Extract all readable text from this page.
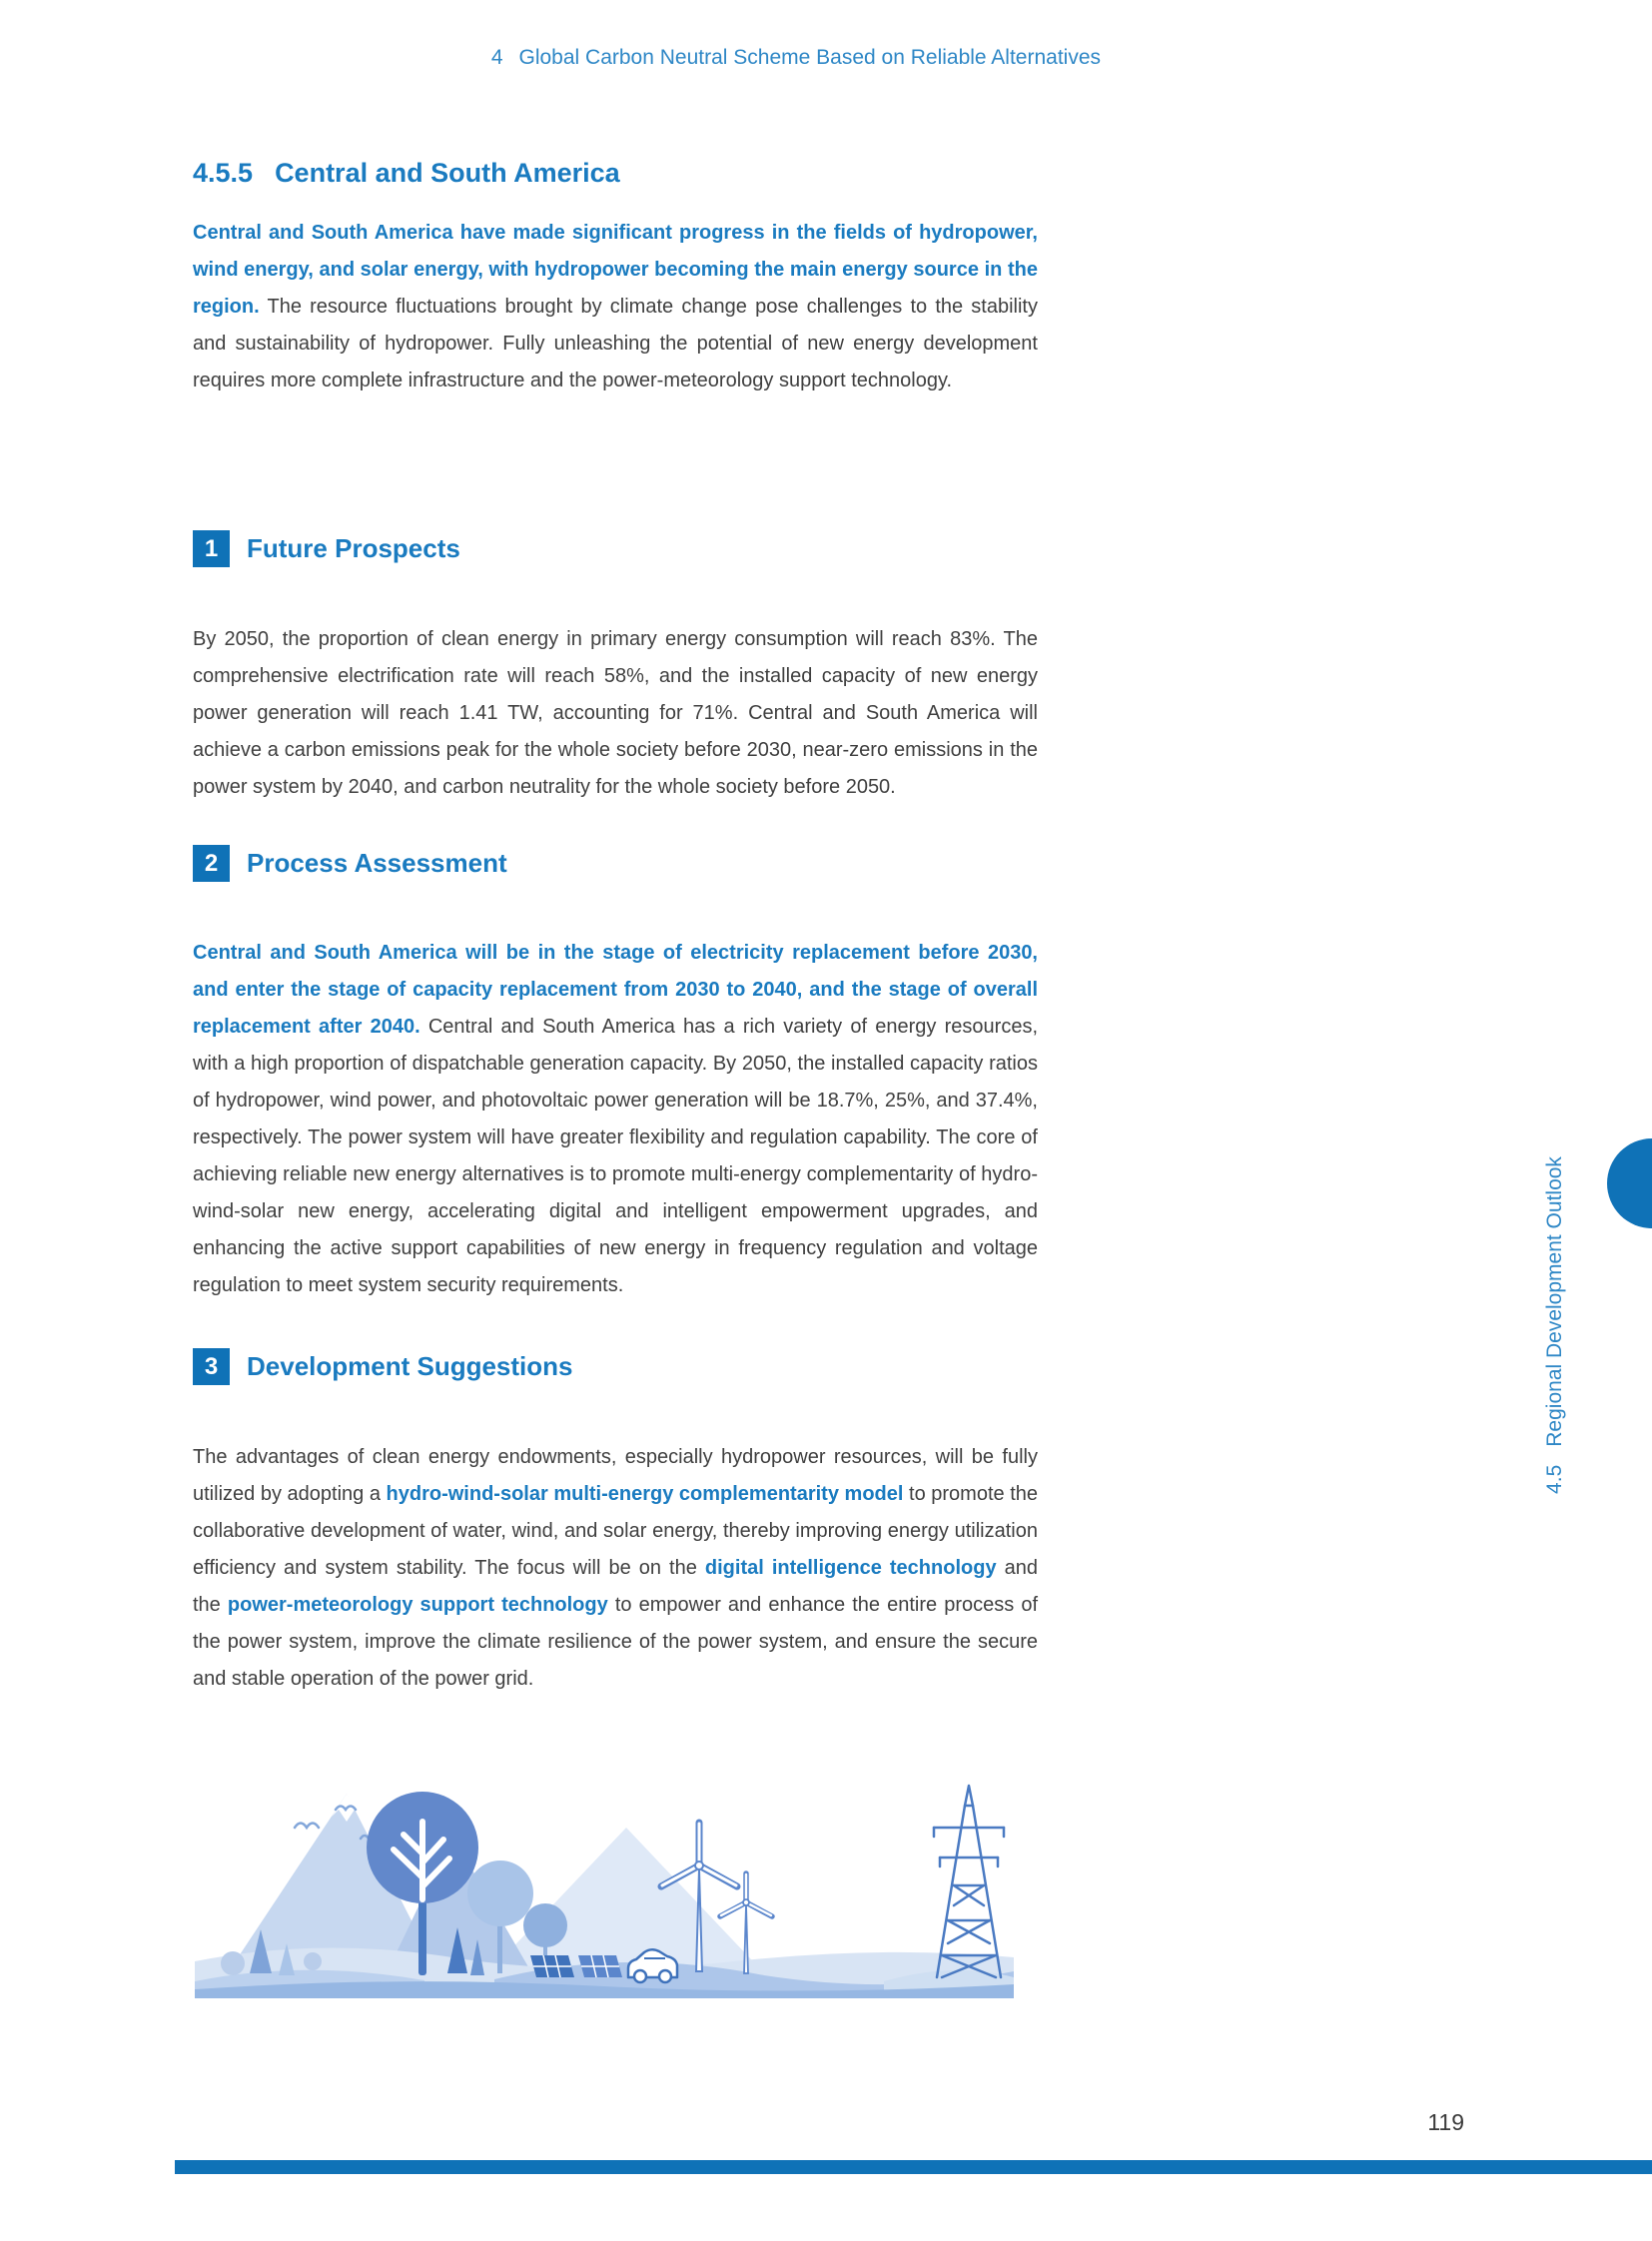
4 Global Carbon Neutral Scheme Based on Reliable Alternatives
4.5.5 Central and South America

Central and South America have made significant progress in the fields of hydropower, wind energy, and solar energy, with hydropower becoming the main energy source in the region. The resource fluctuations brought by climate change pose challenges to the stability and sustainability of hydropower. Fully unleashing the potential of new energy development requires more complete infrastructure and the power-meteorology support technology.

1	Future Prospects

By 2050, the proportion of clean energy in primary energy consumption will reach 83%. The comprehensive electrification rate will reach 58%, and the installed capacity of new energy power generation will reach 1.41 TW, accounting for 71%. Central and South America will achieve a carbon emissions peak for the whole society before 2030, near-zero emissions in the power system by 2040, and carbon neutrality for the whole society before 2050.

2	Process Assessment

Central and South America will be in the stage of electricity replacement before 2030, and enter the stage of capacity replacement from 2030 to 2040, and the stage of overall replacement after 2040. Central and South America has a rich variety of energy resources, with a high proportion of dispatchable generation capacity. By 2050, the installed capacity ratios of hydropower, wind power, and photovoltaic power generation will be 18.7%, 25%, and 37.4%, respectively. The power system will have greater flexibility and regulation capability. The core of achieving reliable new energy alternatives is to promote multi-energy complementarity of hydro-wind-solar new energy, accelerating digital and intelligent empowerment upgrades, and enhancing the active support capabilities of new energy in frequency regulation and voltage regulation to meet system security requirements.

3	Development Suggestions

The advantages of clean energy endowments, especially hydropower resources, will be fully utilized by adopting a hydro-wind-solar multi-energy complementarity model to promote the collaborative development of water, wind, and solar energy, thereby improving energy utilization efficiency and system stability. The focus will be on the digital intelligence technology and the power-meteorology support technology to empower and enhance the entire process of the power system, improve the climate resilience of the power system, and ensure the secure and stable operation of the power grid.

4.5Regional Development Outlook
119
